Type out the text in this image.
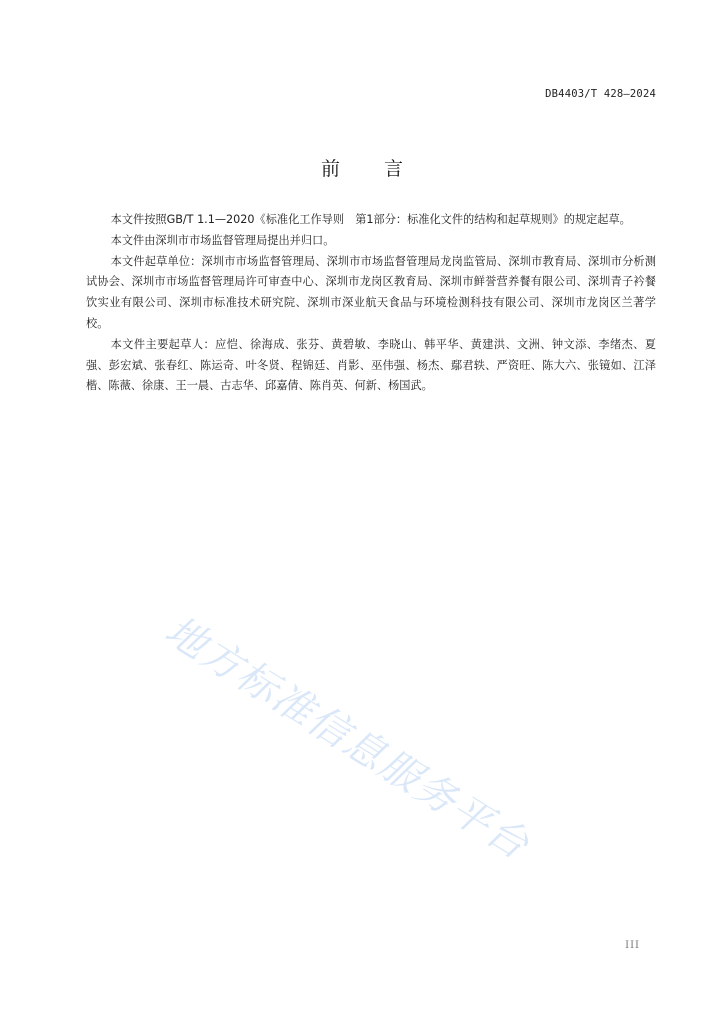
DB4403/T 428—2024
前言

本文件按照GB/T 1.1—2020《标准化工作导则　第1部分：标准化文件的结构和起草规则》的规定起草。

本文件由深圳市市场监督管理局提出并归口。

本文件起草单位：深圳市市场监督管理局、深圳市市场监督管理局龙岗监管局、深圳市教育局、深圳市分析测试协会、深圳市市场监督管理局许可审查中心、深圳市龙岗区教育局、深圳市鲜誉营养餐有限公司、深圳青子衿餐饮实业有限公司、深圳市标准技术研究院、深圳市深业航天食品与环境检测科技有限公司、深圳市龙岗区兰著学校。

本文件主要起草人：应恺、徐海成、张芬、黄碧敏、李晓山、韩平华、黄建洪、文洲、钟文添、李绪杰、夏强、彭宏斌、张春红、陈运奇、叶冬贤、程锦廷、肖影、巫伟强、杨杰、鄢君轶、严资旺、陈大六、张镜如、江泽楷、陈薇、徐康、王一晨、古志华、邱嘉倩、陈肖英、何新、杨国武。

地方标准信息服务平台
III
